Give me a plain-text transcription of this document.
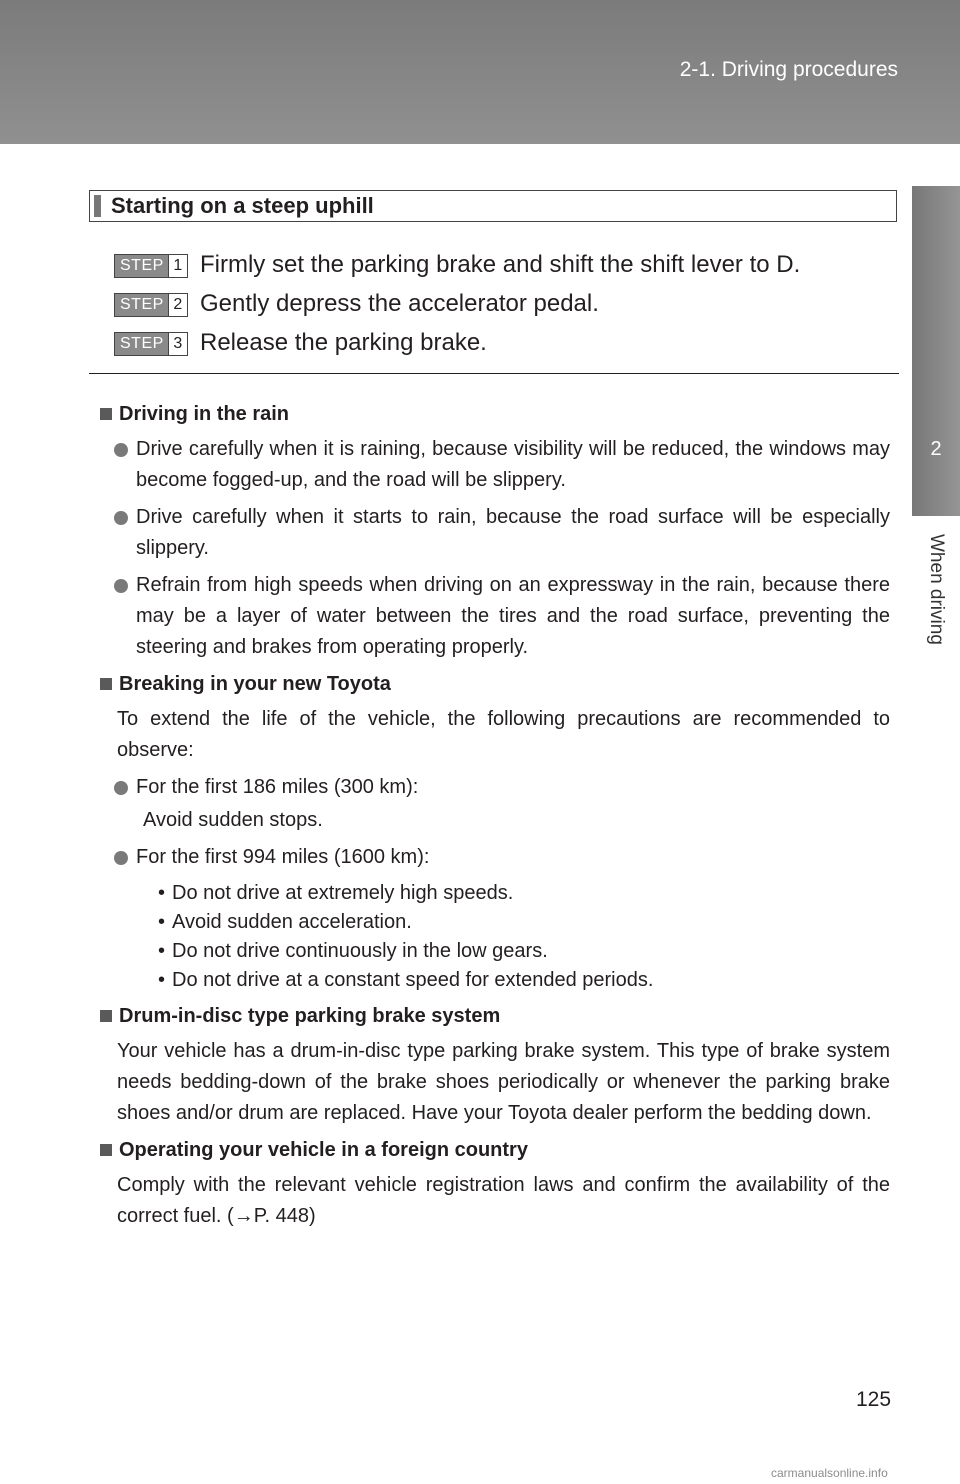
2-1. Driving procedures
2
When driving
Starting on a steep uphill
STEP 1 Firmly set the parking brake and shift the shift lever to D.
STEP 2 Gently depress the accelerator pedal.
STEP 3 Release the parking brake.
Driving in the rain
Drive carefully when it is raining, because visibility will be reduced, the windows may become fogged-up, and the road will be slippery.
Drive carefully when it starts to rain, because the road surface will be especially slippery.
Refrain from high speeds when driving on an expressway in the rain, because there may be a layer of water between the tires and the road surface, preventing the steering and brakes from operating properly.
Breaking in your new Toyota
To extend the life of the vehicle, the following precautions are recommended to observe:
For the first 186 miles (300 km):
Avoid sudden stops.
For the first 994 miles (1600 km):
• Do not drive at extremely high speeds.
• Avoid sudden acceleration.
• Do not drive continuously in the low gears.
• Do not drive at a constant speed for extended periods.
Drum-in-disc type parking brake system
Your vehicle has a drum-in-disc type parking brake system. This type of brake system needs bedding-down of the brake shoes periodically or whenever the parking brake shoes and/or drum are replaced. Have your Toyota dealer perform the bedding down.
Operating your vehicle in a foreign country
Comply with the relevant vehicle registration laws and confirm the availability of the correct fuel. (→P. 448)
125
carmanualsonline.info
